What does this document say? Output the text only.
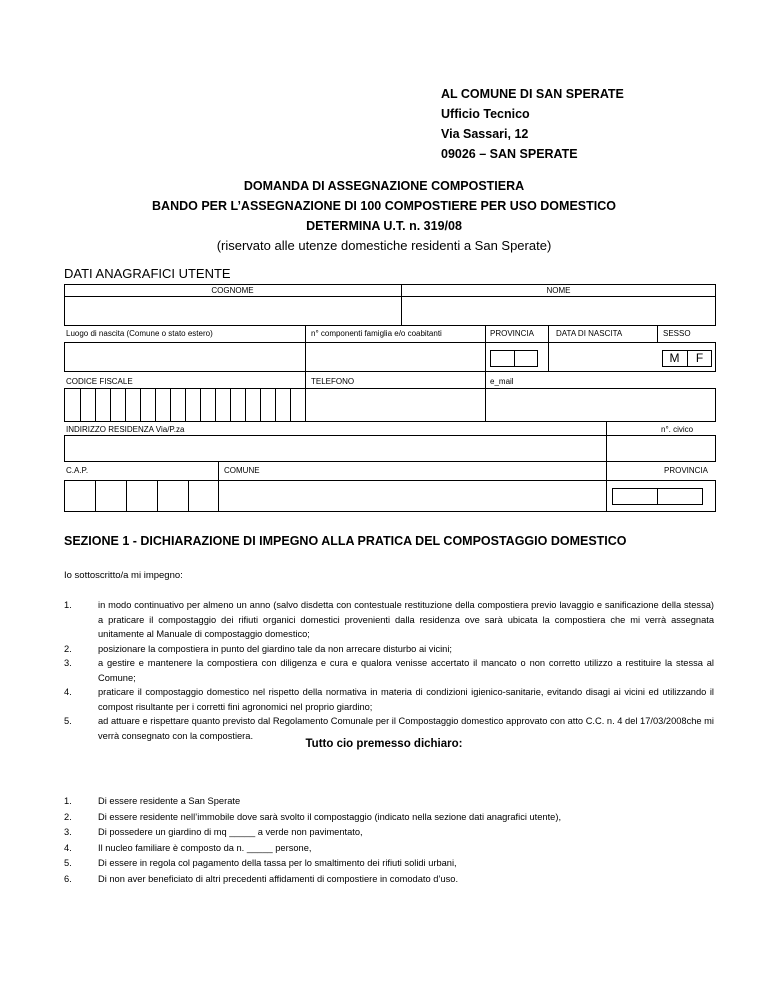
AL COMUNE DI SAN SPERATE
Ufficio Tecnico
Via Sassari, 12
09026 – SAN SPERATE
DOMANDA DI ASSEGNAZIONE COMPOSTIERA
BANDO PER L’ASSEGNAZIONE DI 100 COMPOSTIERE PER USO DOMESTICO
DETERMINA U.T. n. 319/08
(riservato alle utenze domestiche residenti a San Sperate)
DATI ANAGRAFICI UTENTE
COGNOME	NOME
Luogo di nascita (Comune o stato estero)	n° componenti famiglia e/o coabitanti	PROVINCIA	DATA DI NASCITA	SESSO
M	F
CODICE FISCALE	TELEFONO	e_mail
INDIRIZZO RESIDENZA Via/P.za	n°. civico
C.A.P.	COMUNE	PROVINCIA
SEZIONE 1 - DICHIARAZIONE DI IMPEGNO ALLA PRATICA DEL COMPOSTAGGIO DOMESTICO
Io sottoscritto/a mi impegno:
1.	in modo continuativo per almeno un anno (salvo disdetta con contestuale restituzione della compostiera previo lavaggio e sanificazione della stessa) a praticare il compostaggio dei rifiuti organici domestici provenienti dalla residenza ove sarà ubicata la compostiera che mi verrà assegnata unitamente al Manuale di compostaggio domestico;
2.	posizionare la compostiera in punto del giardino tale da non arrecare disturbo ai vicini;
3.	a gestire e mantenere la compostiera con diligenza e cura e qualora venisse accertato il mancato o non corretto utilizzo a restituire la stessa al Comune;
4.	praticare il compostaggio domestico nel rispetto della normativa in materia di condizioni igienico-sanitarie, evitando disagi ai vicini ed utilizzando il compost risultante per i corretti fini agronomici nel proprio giardino;
5.	ad attuare e rispettare quanto previsto dal Regolamento Comunale per il Compostaggio domestico approvato con atto C.C. n. 4 del 17/03/2008che mi verrà consegnato con la compostiera.
Tutto cio premesso dichiaro:
1.	Di essere residente a San Sperate
2.	Di essere residente nell’immobile dove sarà svolto il compostaggio (indicato nella sezione dati anagrafici utente),
3.	Di possedere un giardino di mq _____ a verde non pavimentato,
4.	Il nucleo familiare è composto da n. _____ persone,
5.	Di essere in regola col pagamento della tassa per lo smaltimento dei rifiuti solidi urbani,
6.	Di non aver beneficiato di altri precedenti affidamenti di compostiere in comodato d’uso.
